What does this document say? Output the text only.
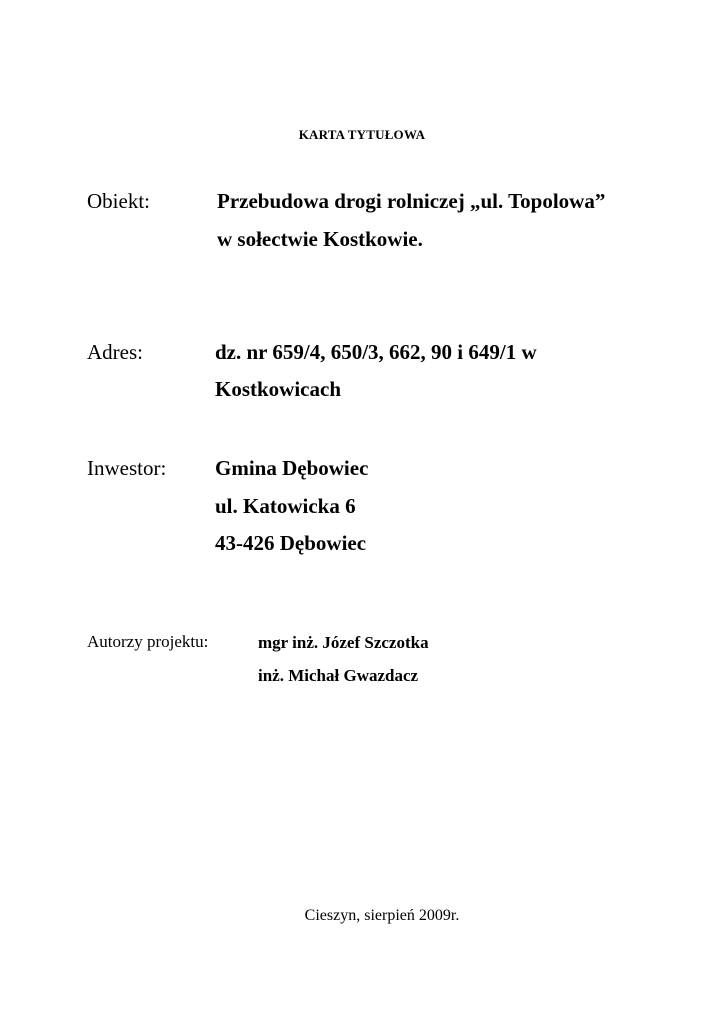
KARTA TYTUŁOWA
Obiekt:	Przebudowa drogi rolniczej „ul. Topolowa”
w sołectwie Kostkowie.
Adres:	dz. nr 659/4, 650/3, 662, 90 i 649/1 w
Kostkowicach
Inwestor: Gmina Dębowiec
ul. Katowicka 6
43-426 Dębowiec
Autorzy projektu:	mgr inż. Józef Szczotka
inż. Michał Gwazdacz
Cieszyn, sierpień 2009r.
